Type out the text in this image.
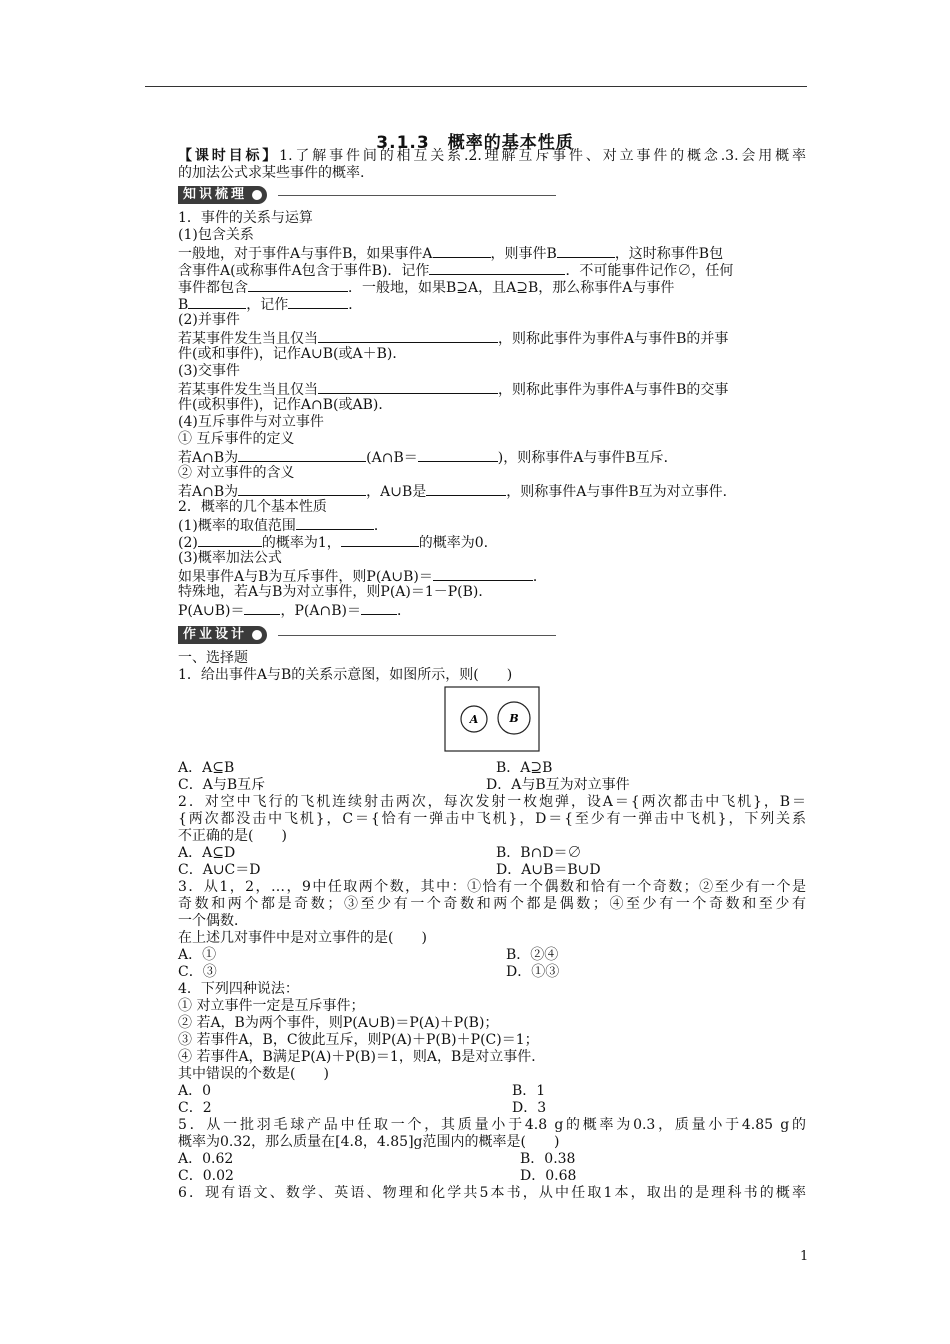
3.1.3 概率的基本性质
【课时目标】1.了解事件间的相互关系.2.理解互斥事件、对立事件的概念.3.会用概率
的加法公式求某些事件的概率.
知识梳理
1．事件的关系与运算
(1)包含关系
一般地，对于事件A与事件B，如果事件A	，则事件B	，这时称事件B包
含事件A(或称事件A包含于事件B)．记作	．不可能事件记作∅，任何
事件都包含	．一般地，如果B⊇A，且A⊇B，那么称事件A与事件
B	，记作	．
(2)并事件
若某事件发生当且仅当	，则称此事件为事件A与事件B的并事
件(或和事件)，记作A∪B(或A＋B)．
(3)交事件
若某事件发生当且仅当	，则称此事件为事件A与事件B的交事
件(或积事件)，记作A∩B(或AB)．
(4)互斥事件与对立事件
① 互斥事件的定义
若A∩B为	(A∩B＝	)，则称事件A与事件B互斥．
② 对立事件的含义
若A∩B为	，A∪B是	，则称事件A与事件B互为对立事件．
2．概率的几个基本性质
(1)概率的取值范围	．
(2)	的概率为1，	的概率为0.
(3)概率加法公式
如果事件A与B为互斥事件，则P(A∪B)＝	．
特殊地，若A与B为对立事件，则P(A)＝1－P(B)．
P(A∪B)＝	，P(A∩B)＝	．
作业设计
一、选择题
1．给出事件A与B的关系示意图，如图所示，则(　　)
A	B
A．A⊆B	B．A⊇B
C．A与B互斥	D．A与B互为对立事件
2．对空中飞行的飞机连续射击两次，每次发射一枚炮弹，设A＝{两次都击中飞机}，B＝
{两次都没击中飞机}，C＝{恰有一弹击中飞机}，D＝{至少有一弹击中飞机}，下列关系
不正确的是(　　)
A．A⊆D	B．B∩D＝∅
C．A∪C＝D	D．A∪B＝B∪D
3．从1，2，…，9中任取两个数，其中：①恰有一个偶数和恰有一个奇数；②至少有一个是
奇数和两个都是奇数；③至少有一个奇数和两个都是偶数；④至少有一个奇数和至少有
一个偶数．
在上述几对事件中是对立事件的是(　　)
A．①	B．②④
C．③	D．①③
4．下列四种说法：
① 对立事件一定是互斥事件；
② 若A，B为两个事件，则P(A∪B)＝P(A)＋P(B)；
③ 若事件A，B，C彼此互斥，则P(A)＋P(B)＋P(C)＝1；
④ 若事件A，B满足P(A)＋P(B)＝1，则A，B是对立事件．
其中错误的个数是(　　)
A．0	B．1
C．2	D．3
5．从一批羽毛球产品中任取一个，其质量小于4.8 g的概率为0.3，质量小于4.85 g的
概率为0.32，那么质量在[4.8，4.85]g范围内的概率是(　　)
A．0.62	B．0.38
C．0.02	D．0.68
6．现有语文、数学、英语、物理和化学共5本书，从中任取1本，取出的是理科书的概率
1
